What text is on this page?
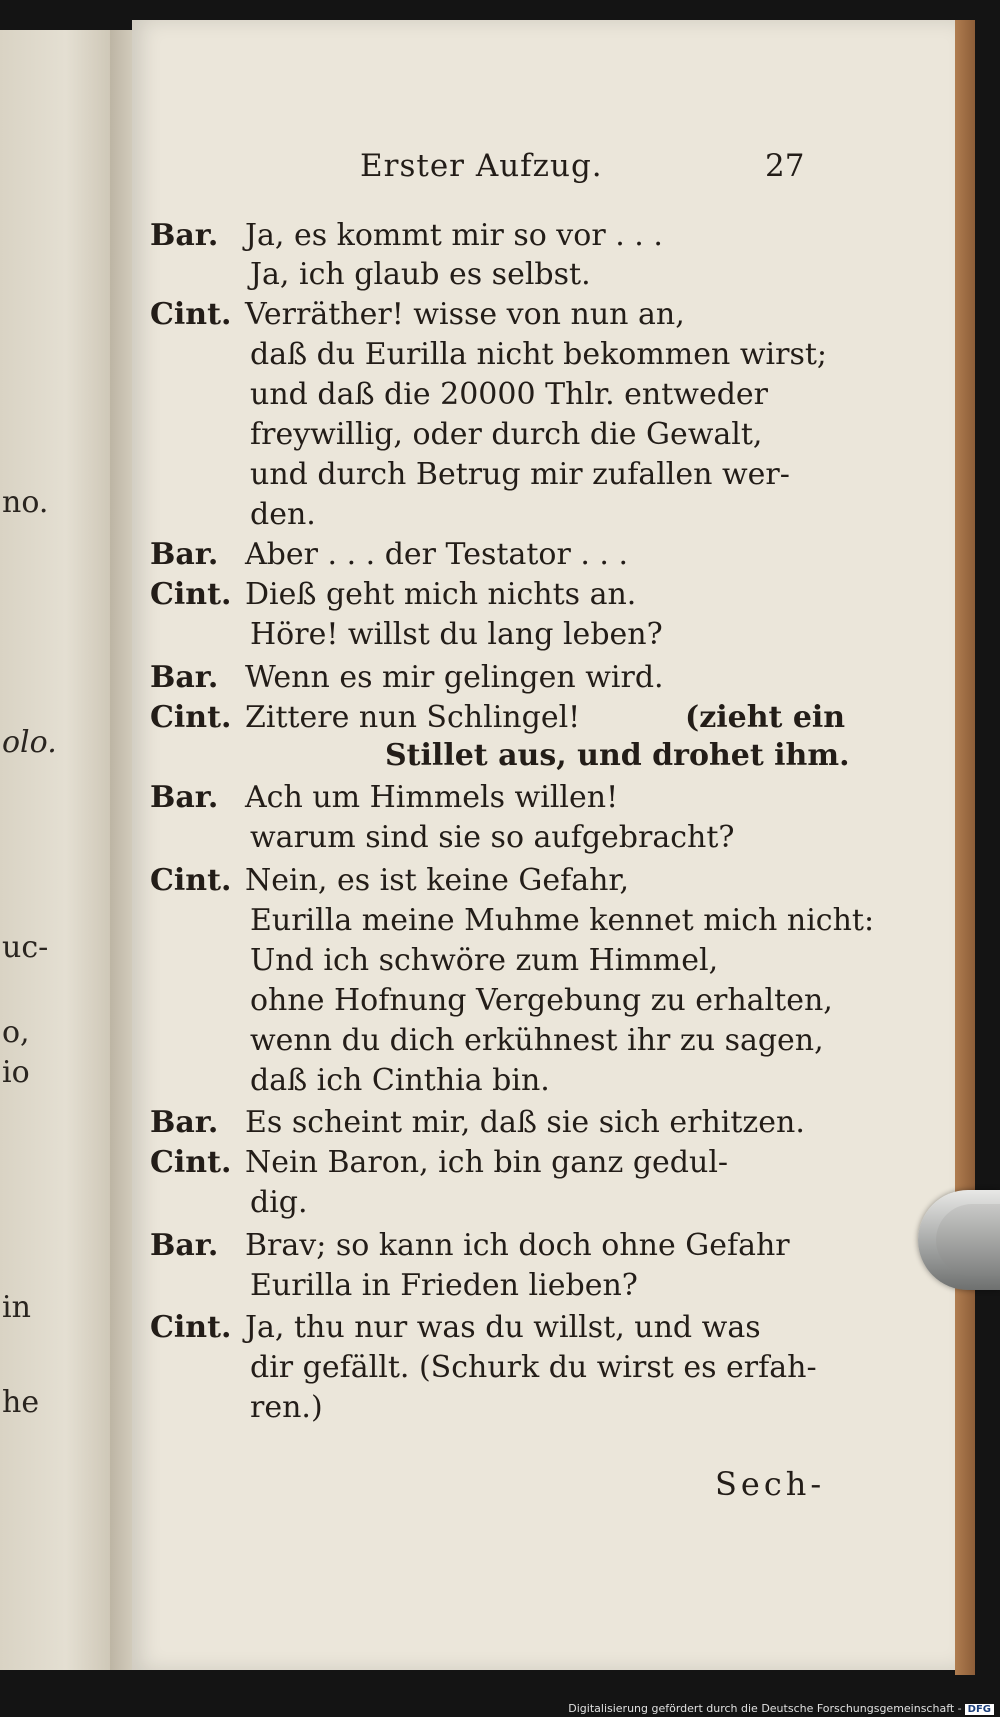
no.
olo.
uc-
o,
io
in
he
Erster Aufzug.	27
Bar. Ja, es kommt mir so vor . . .
Ja, ich glaub es selbst.
Cint. Verräther! wisse von nun an,
daß du Eurilla nicht bekommen wirst;
und daß die 20000 Thlr. entweder
freywillig, oder durch die Gewalt,
und durch Betrug mir zufallen wer-
den.
Bar. Aber . . . der Testator . . .
Cint. Dieß geht mich nichts an.
Höre! willst du lang leben?
Bar. Wenn es mir gelingen wird.
Cint. Zittere nun Schlingel!
Bar. Ach um Himmels willen!
warum sind sie so aufgebracht?
Cint. Nein, es ist keine Gefahr,
Eurilla meine Muhme kennet mich nicht:
Und ich schwöre zum Himmel,
ohne Hofnung Vergebung zu erhalten,
wenn du dich erkühnest ihr zu sagen,
daß ich Cinthia bin.
Bar. Es scheint mir, daß sie sich erhitzen.
Cint. Nein Baron, ich bin ganz gedul-
dig.
Bar. Brav; so kann ich doch ohne Gefahr
Eurilla in Frieden lieben?
Cint. Ja, thu nur was du willst, und was
dir gefällt. (Schurk du wirst es erfah-
ren.)
(zieht ein
Stillet aus, und drohet ihm.
Sech-
Digitalisierung gefördert durch die Deutsche Forschungsgemeinschaft - DFG
